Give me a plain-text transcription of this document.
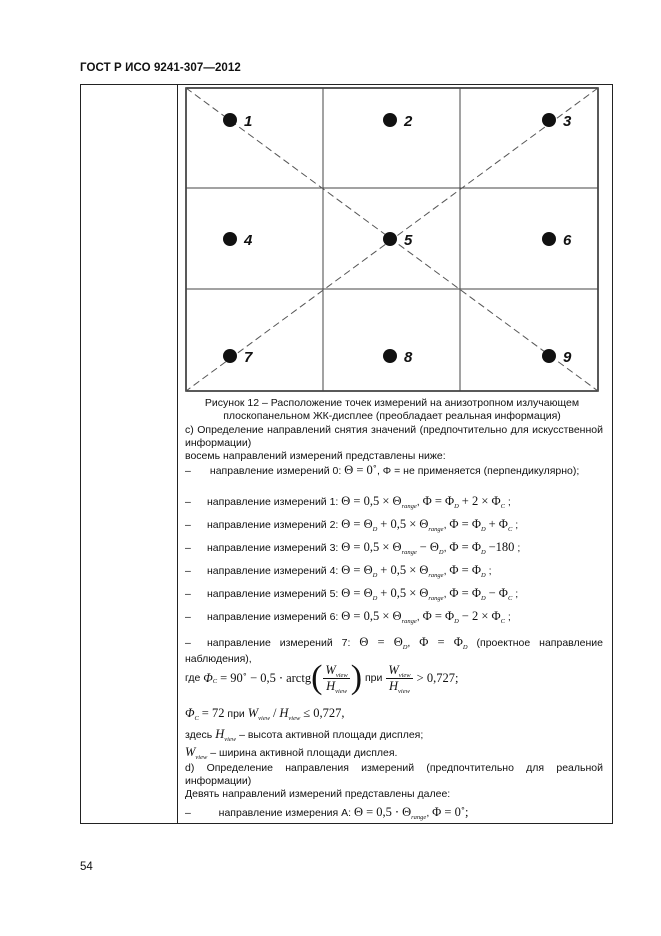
ГОСТ Р ИСО 9241-307—2012
1	2	3
4	5	6
7	8	9
Рисунок 12 – Расположение точек измерений на анизотропном излучающем
плоскопанельном ЖК-дисплее (преобладает реальная информация)
c) Определение направлений снятия значений (предпочтительно для искусственной информации)
восемь направлений измерений представлены ниже:
– направление измерений 0: Θ = 0˚, Φ = не применяется (перпендикулярно);
– направление измерений 1: $\Theta = 0,5 \times \Theta_{range}$, $\Phi = \Phi_D + 2 \times \Phi_C$ ;
– направление измерений 2: $\Theta = \Theta_D + 0,5 \times \Theta_{range}$, $\Phi = \Phi_D + \Phi_C$ ;
– направление измерений 3: $\Theta = 0,5 \times \Theta_{range} - \Theta_D$, $\Phi = \Phi_D -180$ ;
– направление измерений 4: $\Theta = \Theta_D + 0,5 \times \Theta_{range}$, $\Phi = \Phi_D$ ;
– направление измерений 5: $\Theta = \Theta_D + 0,5 \times \Theta_{range}$, $\Phi = \Phi_D - \Phi_C$ ;
– направление измерений 6: $\Theta = 0,5 \times \Theta_{range}$, $\Phi = \Phi_D - 2 \times \Phi_C$ ;
– направление измерений 7: $\Theta = \Theta_D$, $\Phi = \Phi_D$ (проектное направление наблюдения),
где
Φ C = 90˚ − 0,5 ⋅ arctg ( $\frac{W_{view}}{H_{view}}$ )
при
$\frac{W_{view}}{H_{view}} > 0,727$;
$\Phi_C = 72$ при $W_{view} / H_{view} \le 0,727$,
здесь $H_{view}$ – высота активной площади дисплея;
$W_{view}$ – ширина активной площади дисплея.
d) Определение направления измерений (предпочтительно для реальной информации)
Девять направлений измерений представлены далее:
–	направление измерения A: $\Theta = 0,5 \cdot \Theta_{range}$, Φ = 0˚;
54
